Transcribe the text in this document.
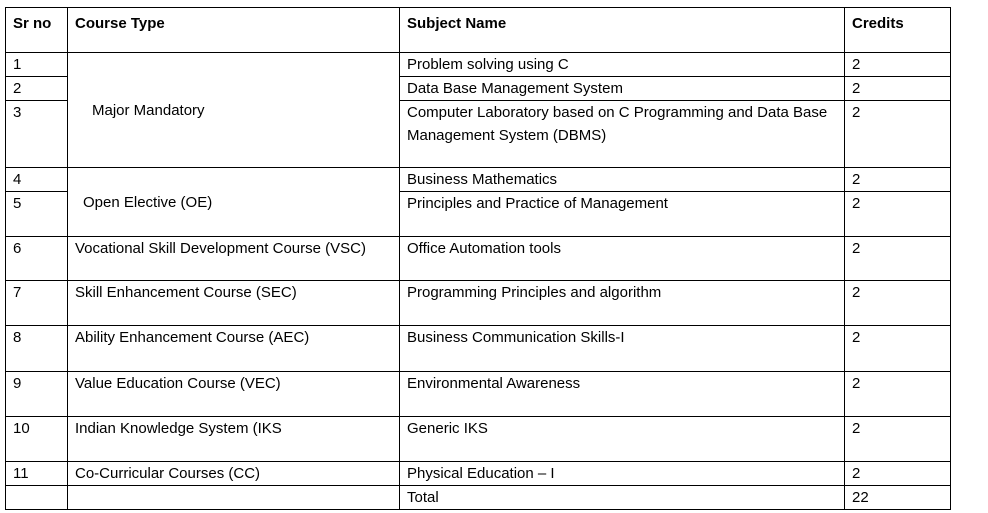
Sr no	Course Type	Subject Name	Credits
1	Major Mandatory	Problem solving using C	2
2		Data Base Management System	2
3		Computer Laboratory based on C Programming and Data Base Management System (DBMS)	2
4	Open Elective (OE)	Business Mathematics	2
5		Principles and Practice of Management	2
6	Vocational Skill Development Course (VSC)	Office Automation tools	2
7	Skill Enhancement Course (SEC)	Programming Principles and algorithm	2
8	Ability Enhancement Course (AEC)	Business Communication Skills-I	2
9	Value Education Course (VEC)	Environmental Awareness	2
10	Indian Knowledge System (IKS	Generic IKS	2
11	Co-Curricular Courses (CC)	Physical Education – I	2
		Total	22
